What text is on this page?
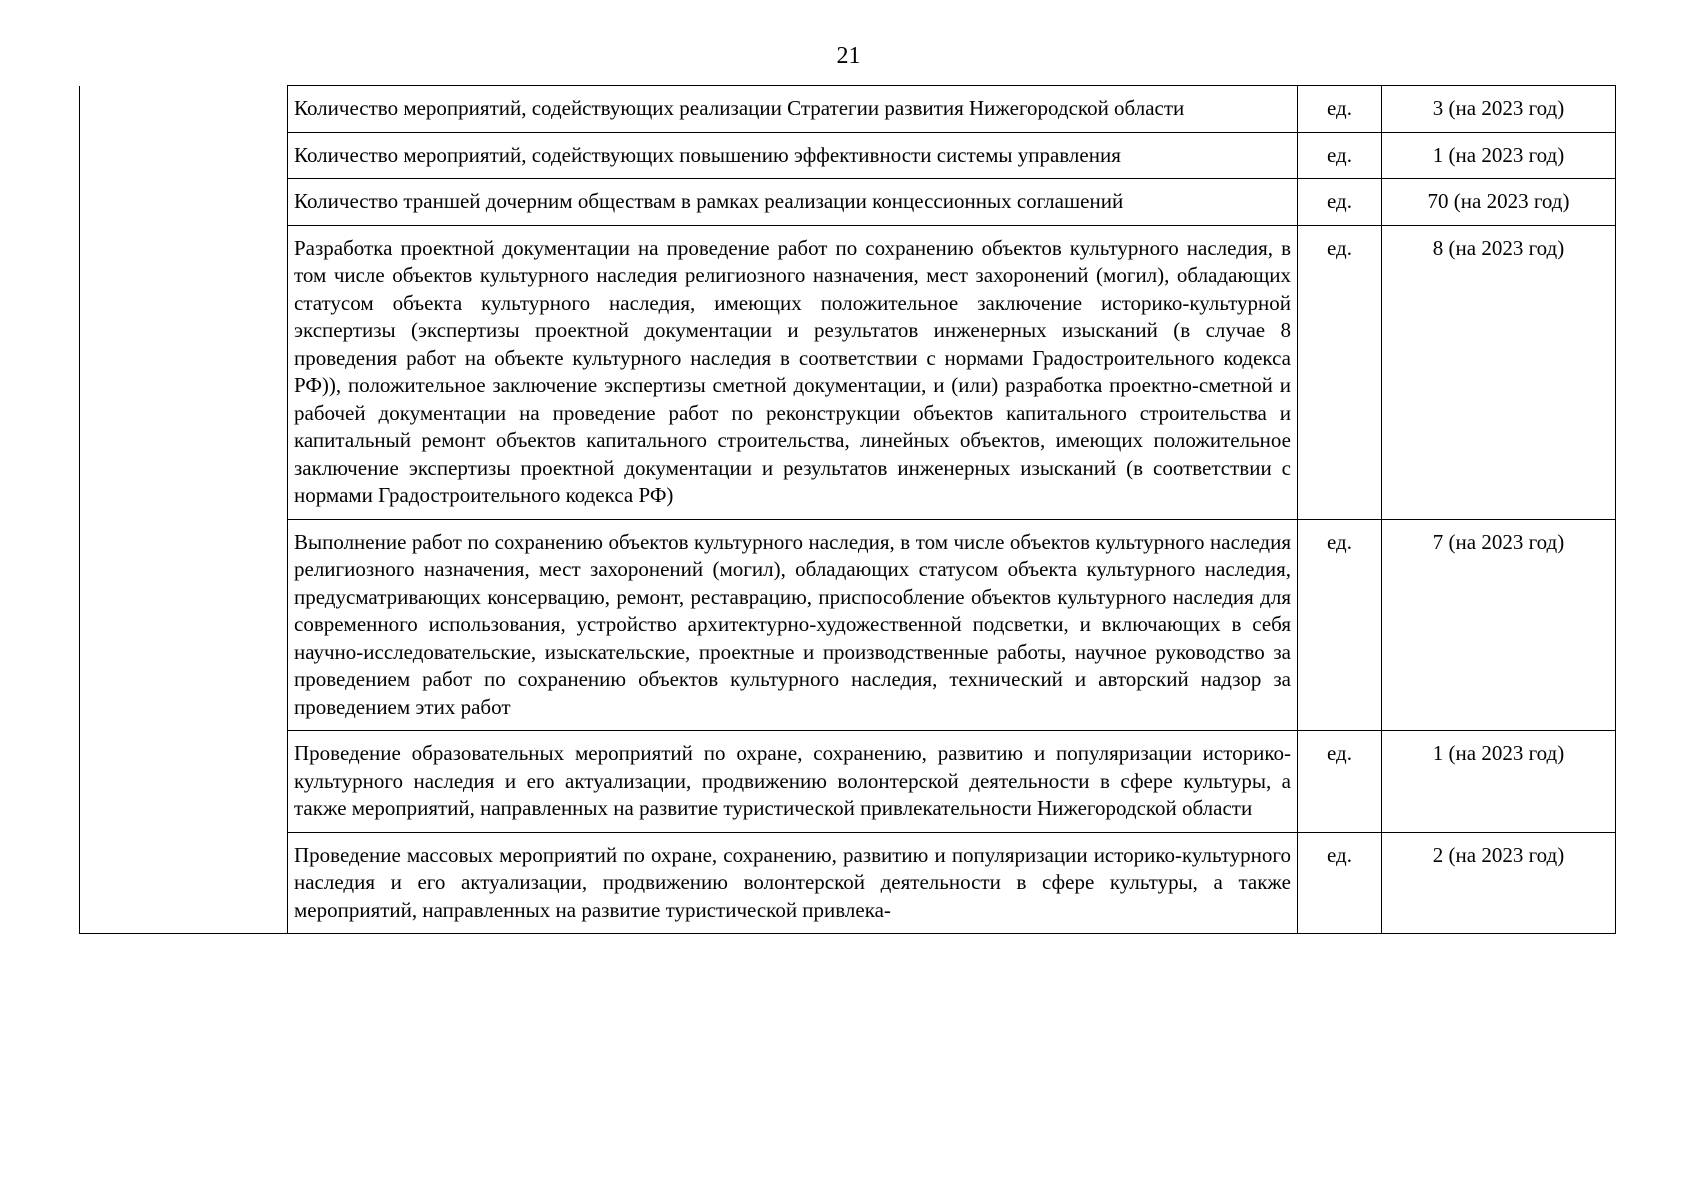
21
	Количество мероприятий, содействующих реализации Стратегии развития Нижегородской области	ед.	3 (на 2023 год)
	Количество мероприятий, содействующих повышению эффективности системы управления	ед.	1 (на 2023 год)
	Количество траншей дочерним обществам в рамках реализации концессионных соглашений	ед.	70 (на 2023 год)
	Разработка проектной документации на проведение работ по сохранению объектов культурного наследия, в том числе объектов культурного наследия религиозного назначения, мест захоронений (могил), обладающих статусом объекта культурного наследия, имеющих положительное заключение историко-культурной экспертизы (экспертизы проектной документации и результатов инженерных изысканий (в случае 8 проведения работ на объекте культурного наследия в соответствии с нормами Градостроительного кодекса РФ)), положительное заключение экспертизы сметной документации, и (или) разработка проектно-сметной и рабочей документации на проведение работ по реконструкции объектов капитального строительства и капитальный ремонт объектов капитального строительства, линейных объектов, имеющих положительное заключение экспертизы проектной документации и результатов инженерных изысканий (в соответствии с нормами Градостроительного кодекса РФ)	ед.	8 (на 2023 год)
	Выполнение работ по сохранению объектов культурного наследия, в том числе объектов культурного наследия религиозного назначения, мест захоронений (могил), обладающих статусом объекта культурного наследия, предусматривающих консервацию, ремонт, реставрацию, приспособление объектов культурного наследия для современного использования, устройство архитектурно-художественной подсветки, и включающих в себя научно-исследовательские, изыскательские, проектные и производственные работы, научное руководство за проведением работ по сохранению объектов культурного наследия, технический и авторский надзор за проведением этих работ	ед.	7 (на 2023 год)
	Проведение образовательных мероприятий по охране, сохранению, развитию и популяризации историко-культурного наследия и его актуализации, продвижению волонтерской деятельности в сфере культуры, а также мероприятий, направленных на развитие туристической привлекательности Нижегородской области	ед.	1 (на 2023 год)
	Проведение массовых мероприятий по охране, сохранению, развитию и популяризации историко-культурного наследия и его актуализации, продвижению волонтерской деятельности в сфере культуры, а также мероприятий, направленных на развитие туристической привлека-	ед.	2 (на 2023 год)
